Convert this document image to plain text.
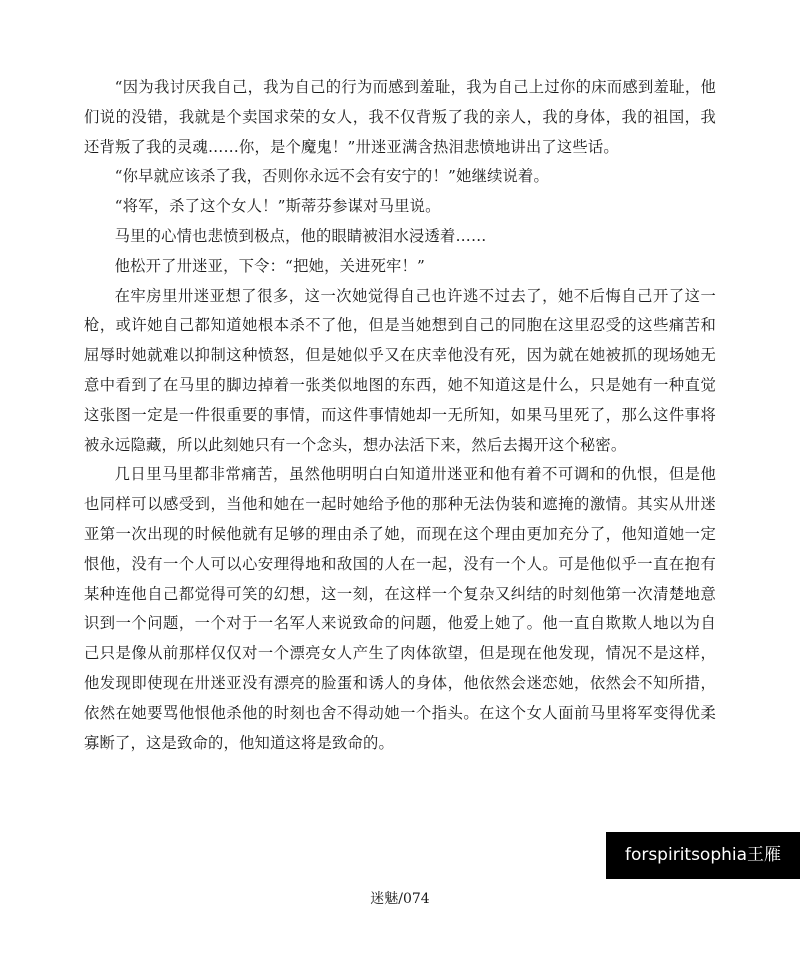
“因为我讨厌我自己，我为自己的行为而感到羞耻，我为自己上过你的床而感到羞耻，他们说的没错，我就是个卖国求荣的女人，我不仅背叛了我的亲人，我的身体，我的祖国，我还背叛了我的灵魂……你，是个魔鬼！”卅迷亚满含热泪悲愤地讲出了这些话。

“你早就应该杀了我，否则你永远不会有安宁的！”她继续说着。

“将军，杀了这个女人！”斯蒂芬参谋对马里说。

马里的心情也悲愤到极点，他的眼睛被泪水浸透着……

他松开了卅迷亚，下令：“把她，关进死牢！”

在牢房里卅迷亚想了很多，这一次她觉得自己也许逃不过去了，她不后悔自己开了这一枪，或许她自己都知道她根本杀不了他，但是当她想到自己的同胞在这里忍受的这些痛苦和屈辱时她就难以抑制这种愤怒，但是她似乎又在庆幸他没有死，因为就在她被抓的现场她无意中看到了在马里的脚边掉着一张类似地图的东西，她不知道这是什么，只是她有一种直觉这张图一定是一件很重要的事情，而这件事情她却一无所知，如果马里死了，那么这件事将被永远隐藏，所以此刻她只有一个念头，想办法活下来，然后去揭开这个秘密。

几日里马里都非常痛苦，虽然他明明白白知道卅迷亚和他有着不可调和的仇恨，但是他也同样可以感受到，当他和她在一起时她给予他的那种无法伪装和遮掩的激情。其实从卅迷亚第一次出现的时候他就有足够的理由杀了她，而现在这个理由更加充分了，他知道她一定恨他，没有一个人可以心安理得地和敌国的人在一起，没有一个人。可是他似乎一直在抱有某种连他自己都觉得可笑的幻想，这一刻，在这样一个复杂又纠结的时刻他第一次清楚地意识到一个问题，一个对于一名军人来说致命的问题，他爱上她了。他一直自欺欺人地以为自己只是像从前那样仅仅对一个漂亮女人产生了肉体欲望，但是现在他发现，情况不是这样，他发现即使现在卅迷亚没有漂亮的脸蛋和诱人的身体，他依然会迷恋她，依然会不知所措，依然在她要骂他恨他杀他的时刻也舍不得动她一个指头。在这个女人面前马里将军变得优柔寡断了，这是致命的，他知道这将是致命的。

forspiritsophia王雁
迷魅/074
